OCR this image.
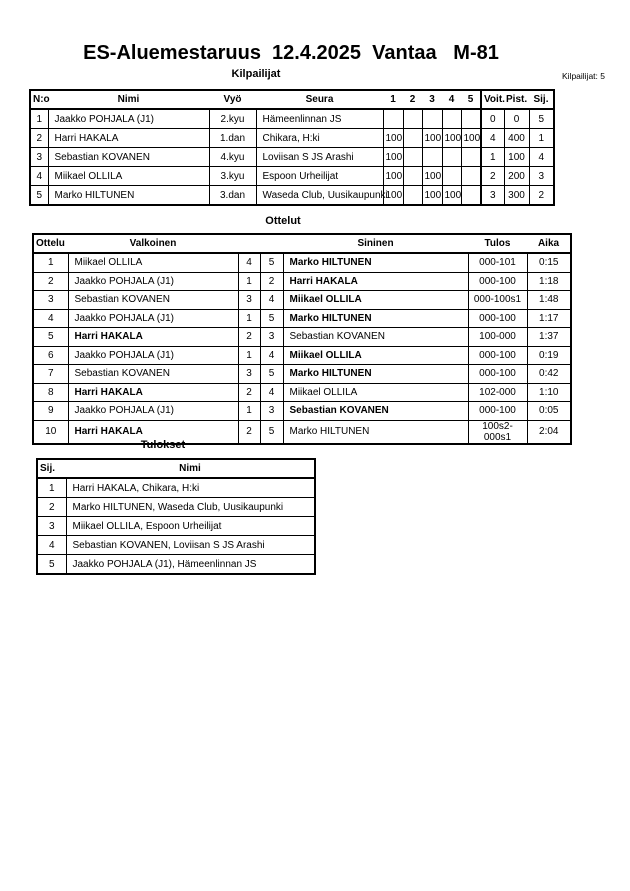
ES-Aluemestaruus  12.4.2025  Vantaa   M-81
Kilpailijat	Kilpailijat: 5
N:o	Nimi	Vyö	Seura	1	2	3	4	5	Voit.	Pist.	Sij.
1	Jaakko POHJALA (J1)	2.kyu	Hämeenlinnan JS						0	0	5
2	Harri HAKALA	1.dan	Chikara, H:ki	100		100	100	100	4	400	1
3	Sebastian KOVANEN	4.kyu	Loviisan S JS Arashi	100					1	100	4
4	Miikael OLLILA	3.kyu	Espoon Urheilijat	100		100			2	200	3
5	Marko HILTUNEN	3.dan	Waseda Club, Uusikaupunki	100		100	100		3	300	2
Ottelut
Ottelu	Valkoinen			Sininen	Tulos	Aika
1	Miikael OLLILA	4	5	Marko HILTUNEN	000-101	0:15
2	Jaakko POHJALA (J1)	1	2	Harri HAKALA	000-100	1:18
3	Sebastian KOVANEN	3	4	Miikael OLLILA	000-100s1	1:48
4	Jaakko POHJALA (J1)	1	5	Marko HILTUNEN	000-100	1:17
5	Harri HAKALA	2	3	Sebastian KOVANEN	100-000	1:37
6	Jaakko POHJALA (J1)	1	4	Miikael OLLILA	000-100	0:19
7	Sebastian KOVANEN	3	5	Marko HILTUNEN	000-100	0:42
8	Harri HAKALA	2	4	Miikael OLLILA	102-000	1:10
9	Jaakko POHJALA (J1)	1	3	Sebastian KOVANEN	000-100	0:05
10	Harri HAKALA	2	5	Marko HILTUNEN	100s2-000s1	2:04
Tulokset
Sij.	Nimi
1	Harri HAKALA, Chikara, H:ki
2	Marko HILTUNEN, Waseda Club, Uusikaupunki
3	Miikael OLLILA, Espoon Urheilijat
4	Sebastian KOVANEN, Loviisan S JS Arashi
5	Jaakko POHJALA (J1), Hämeenlinnan JS
